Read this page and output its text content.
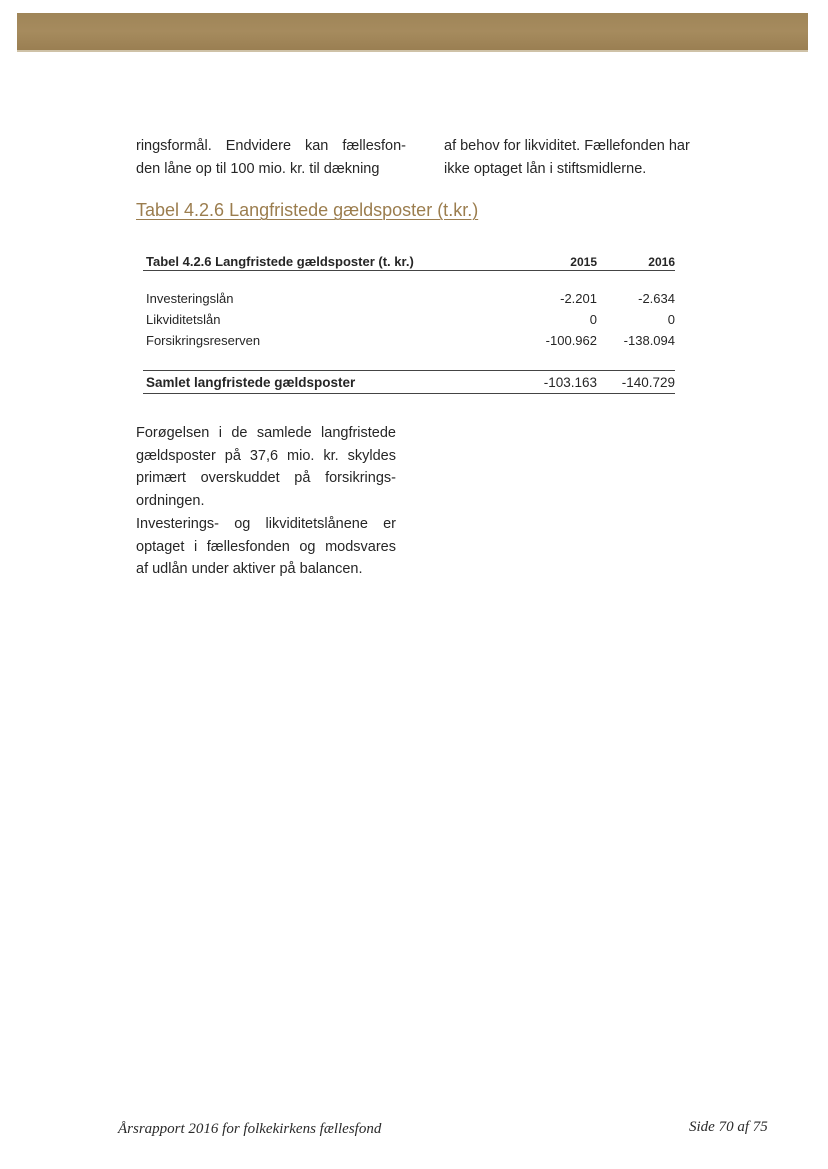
ringsformål. Endvidere kan fællesfon-
den låne op til 100 mio. kr. til dækning
af behov for likviditet. Fællefonden har
ikke optaget lån i stiftsmidlerne.
Tabel 4.2.6 Langfristede gældsposter (t.kr.)
Tabel 4.2.6 Langfristede gældsposter (t. kr.)	2015	2016

Investeringslån	-2.201	-2.634
Likviditetslån	0	0
Forsikringsreserven	-100.962	-138.094

Samlet langfristede gældsposter	-103.163	-140.729
Forøgelsen i de samlede langfristede
gældsposter på 37,6 mio. kr. skyldes
primært overskuddet på forsikrings-
ordningen.
Investerings- og likviditetslånene er
optaget i fællesfonden og modsvares
af udlån under aktiver på balancen.
Årsrapport 2016 for folkekirkens fællesfond	Side 70 af 75
